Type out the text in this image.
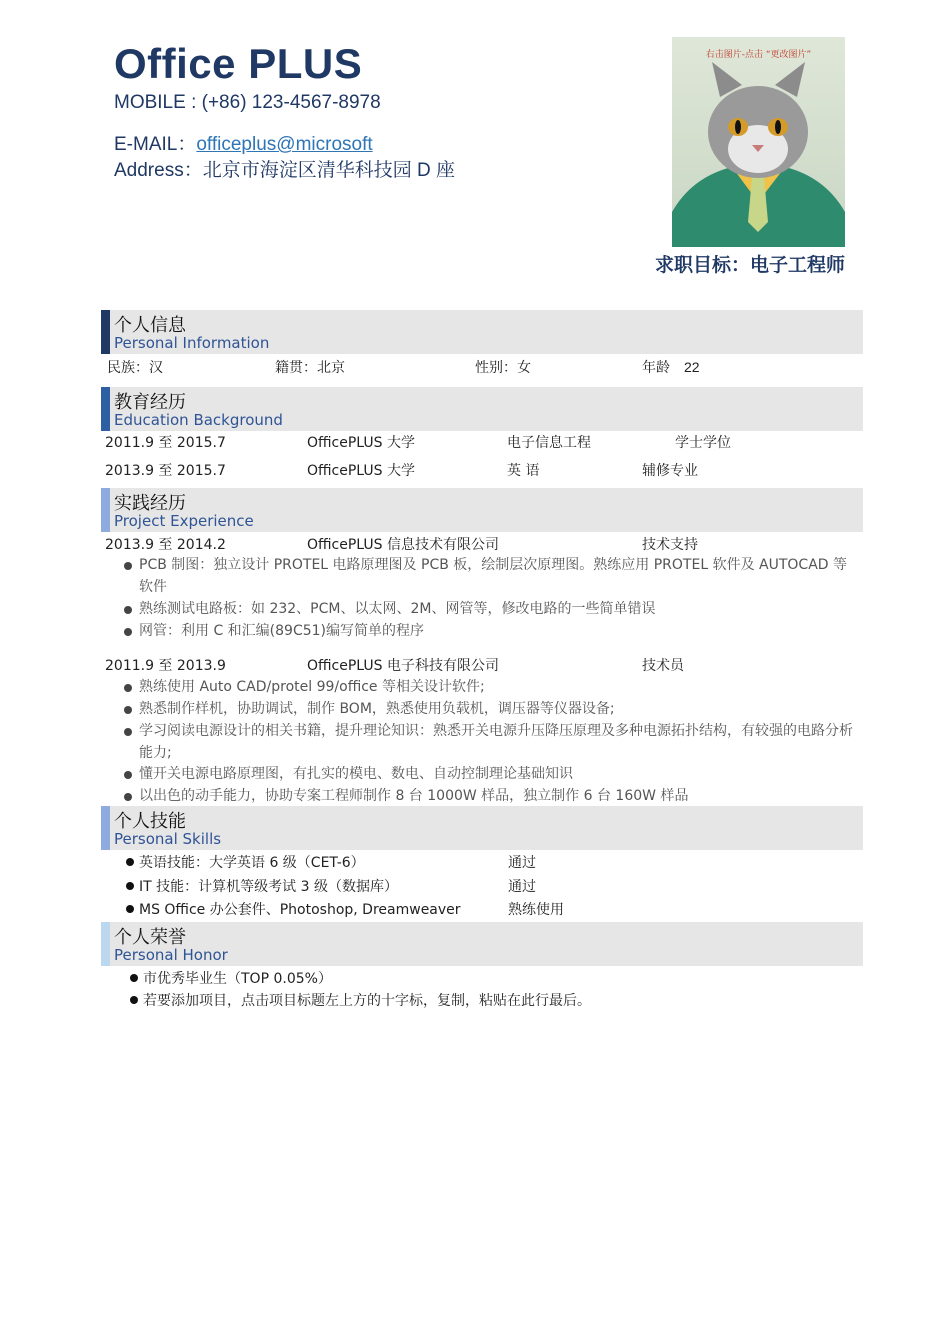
Office PLUS
MOBILE : (+86) 123-4567-8978
E-MAIL：officeplus@microsoft
Address：北京市海淀区清华科技园 D 座
右击图片-点击 “更改图片”
求职目标：电子工程师
个人信息
Personal Information
民族：汉	籍贯：北京	性别：女	年龄 22
教育经历
Education Background
2011.9 至 2015.7	OfficePLUS 大学	电子信息工程	学士学位
2013.9 至 2015.7	OfficePLUS 大学	英 语	辅修专业
实践经历
Project Experience
2013.9 至 2014.2	OfficePLUS 信息技术有限公司	技术支持
PCB 制图：独立设计 PROTEL 电路原理图及 PCB 板，绘制层次原理图。熟练应用 PROTEL 软件及 AUTOCAD 等软件
熟练测试电路板：如 232、PCM、以太网、2M、网管等，修改电路的一些简单错误
网管：利用 C 和汇编(89C51)编写简单的程序
2011.9 至 2013.9	OfficePLUS 电子科技有限公司	技术员
熟练使用 Auto CAD/protel 99/office 等相关设计软件;
熟悉制作样机，协助调试，制作 BOM，熟悉使用负载机，调压器等仪器设备;
学习阅读电源设计的相关书籍，提升理论知识：熟悉开关电源升压降压原理及多种电源拓扑结构，有较强的电路分析能力;
懂开关电源电路原理图，有扎实的模电、数电、自动控制理论基础知识
以出色的动手能力，协助专案工程师制作 8 台 1000W 样品，独立制作 6 台 160W 样品
个人技能
Personal Skills
英语技能：大学英语 6 级（CET-6）	通过
IT 技能：计算机等级考试 3 级（数据库）	通过
MS Office 办公套件、Photoshop, Dreamweaver	熟练使用
个人荣誉
Personal Honor
市优秀毕业生（TOP 0.05%）
若要添加项目，点击项目标题左上方的十字标，复制，粘贴在此行最后。
